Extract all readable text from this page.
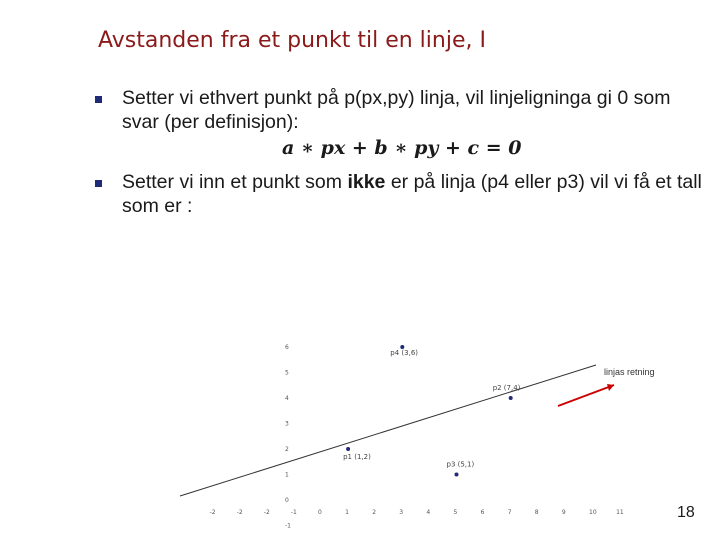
Avstanden fra et punkt til en linje, I
Setter vi ethvert punkt på p(px,py) linja, vil linjeligninga gi 0 som svar (per definisjon):
a ∗ px + b ∗ py + c = 0
Setter vi inn et punkt som ikke er på linja (p4 eller p3) vil vi få et tall som er :
6
5
4
3
2
1
0
-1
-2	-2	-2	-1	0	1	2	3	4	5	6	7	8	9	10	11
p1 (1,2)
p2 (7,4)
p4 (3,6)
p3 (5,1)
linjas retning
18
